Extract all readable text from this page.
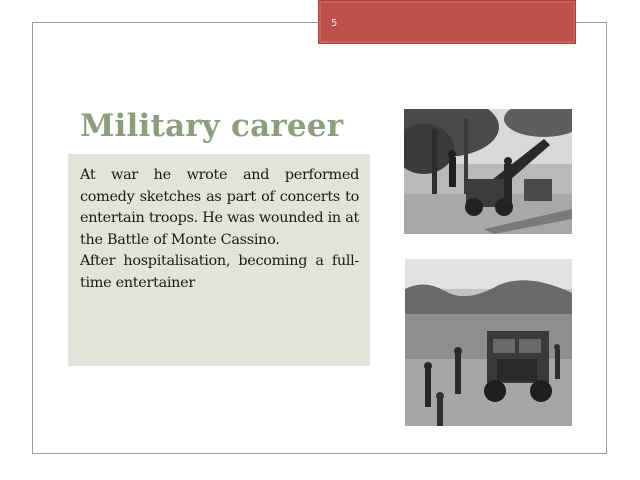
5
Military career

At war he wrote and performed comedy sketches as part of concerts to entertain troops. He was wounded in at the Battle of Monte Cassino.

After hospitalisation, becoming a full-time entertainer
